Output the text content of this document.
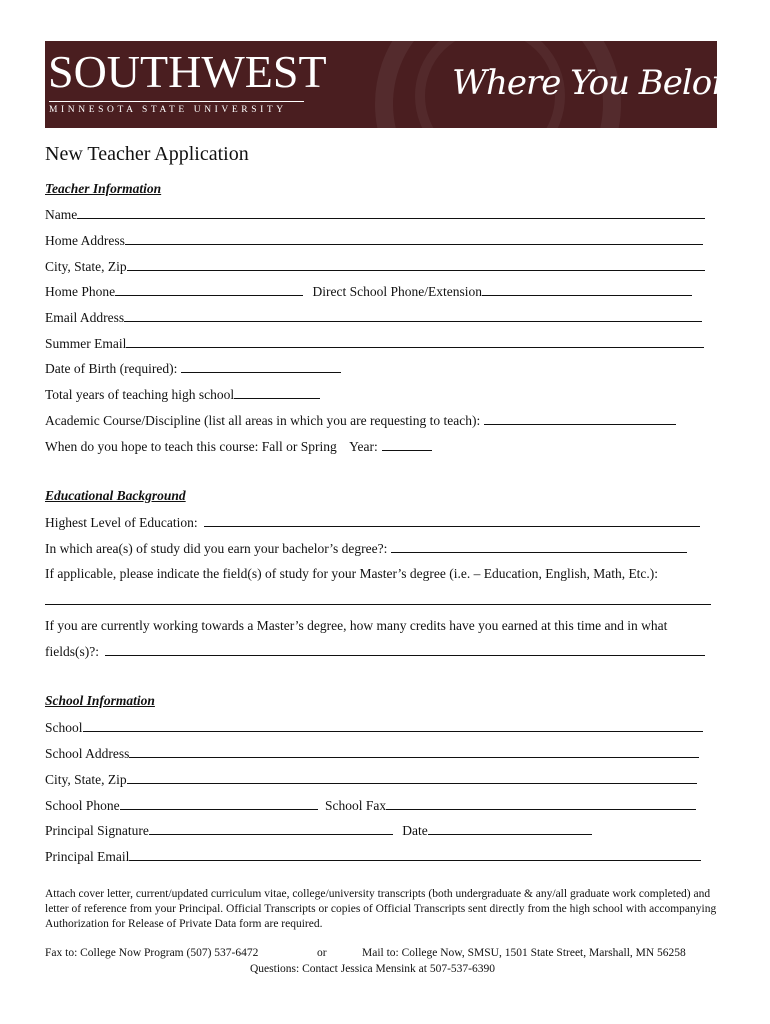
SOUTHWEST
MINNESOTA STATE UNIVERSITY
Where You Belong
New Teacher Application
Teacher Information
Name
Home Address
City, State, Zip
Home Phone	Direct School Phone/Extension
Email Address
Summer Email
Date of Birth (required):
Total years of teaching high school
Academic Course/Discipline (list all areas in which you are requesting to teach):
When do you hope to teach this course: Fall or Spring Year:
Educational Background
Highest Level of Education:
In which area(s) of study did you earn your bachelor’s degree?:
If applicable, please indicate the field(s) of study for your Master’s degree (i.e. – Education, English, Math, Etc.):
If you are currently working towards a Master’s degree, how many credits have you earned at this time and in what
fields(s)?:
School Information
School
School Address
City, State, Zip
School Phone	School Fax
Principal Signature	Date
Principal Email
Attach cover letter, current/updated curriculum vitae, college/university transcripts (both undergraduate & any/all graduate work completed) and letter of reference from your Principal. Official Transcripts or copies of Official Transcripts sent directly from the high school with accompanying Authorization for Release of Private Data form are required.
Fax to: College Now Program (507) 537-6472	or	Mail to: College Now, SMSU, 1501 State Street, Marshall, MN 56258
Questions: Contact Jessica Mensink at 507-537-6390
